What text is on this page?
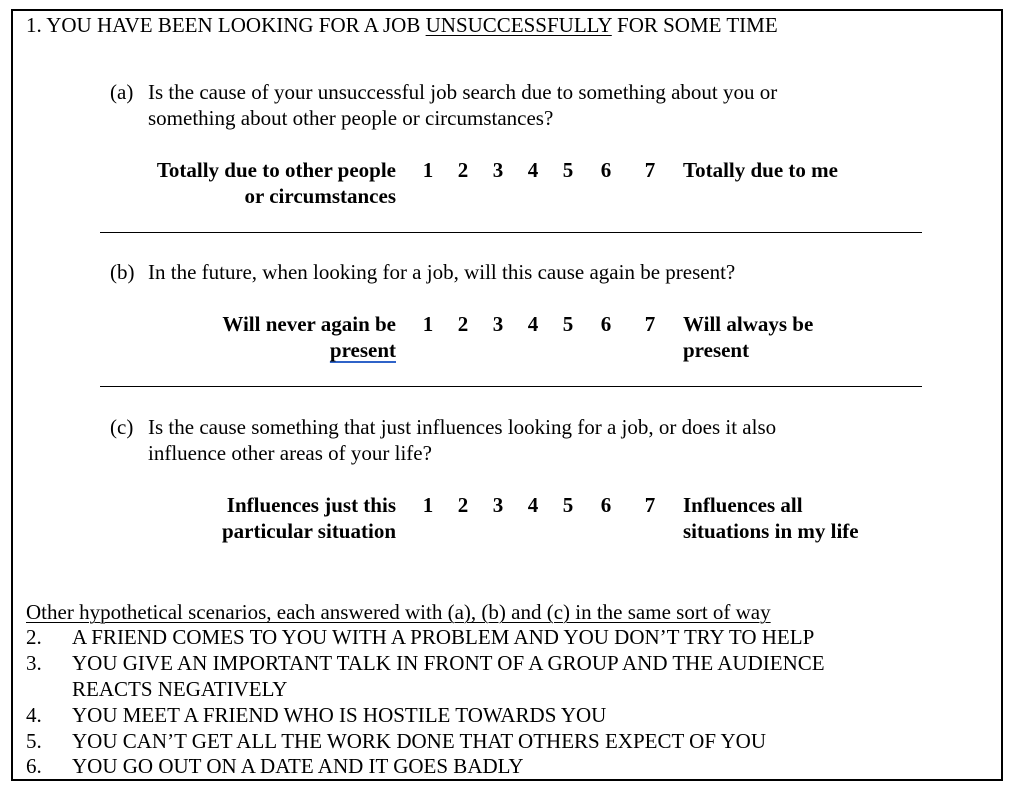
1. YOU HAVE BEEN LOOKING FOR A JOB UNSUCCESSFULLY FOR SOME TIME
(a) Is the cause of your unsuccessful job search due to something about you or
something about other people or circumstances?
Totally due to other people
or circumstances
1 2 3 4 5 6 7 Totally due to me
(b) In the future, when looking for a job, will this cause again be present?
Will never again be
present
1 2 3 4 5 6 7 Will always be
present
(c) Is the cause something that just influences looking for a job, or does it also
influence other areas of your life?
Influences just this
particular situation
1 2 3 4 5 6 7 Influences all
situations in my life
Other hypothetical scenarios, each answered with (a), (b) and (c) in the same sort of way
2. A FRIEND COMES TO YOU WITH A PROBLEM AND YOU DON’T TRY TO HELP
3. YOU GIVE AN IMPORTANT TALK IN FRONT OF A GROUP AND THE AUDIENCE
REACTS NEGATIVELY
4. YOU MEET A FRIEND WHO IS HOSTILE TOWARDS YOU
5. YOU CAN’T GET ALL THE WORK DONE THAT OTHERS EXPECT OF YOU
6. YOU GO OUT ON A DATE AND IT GOES BADLY
